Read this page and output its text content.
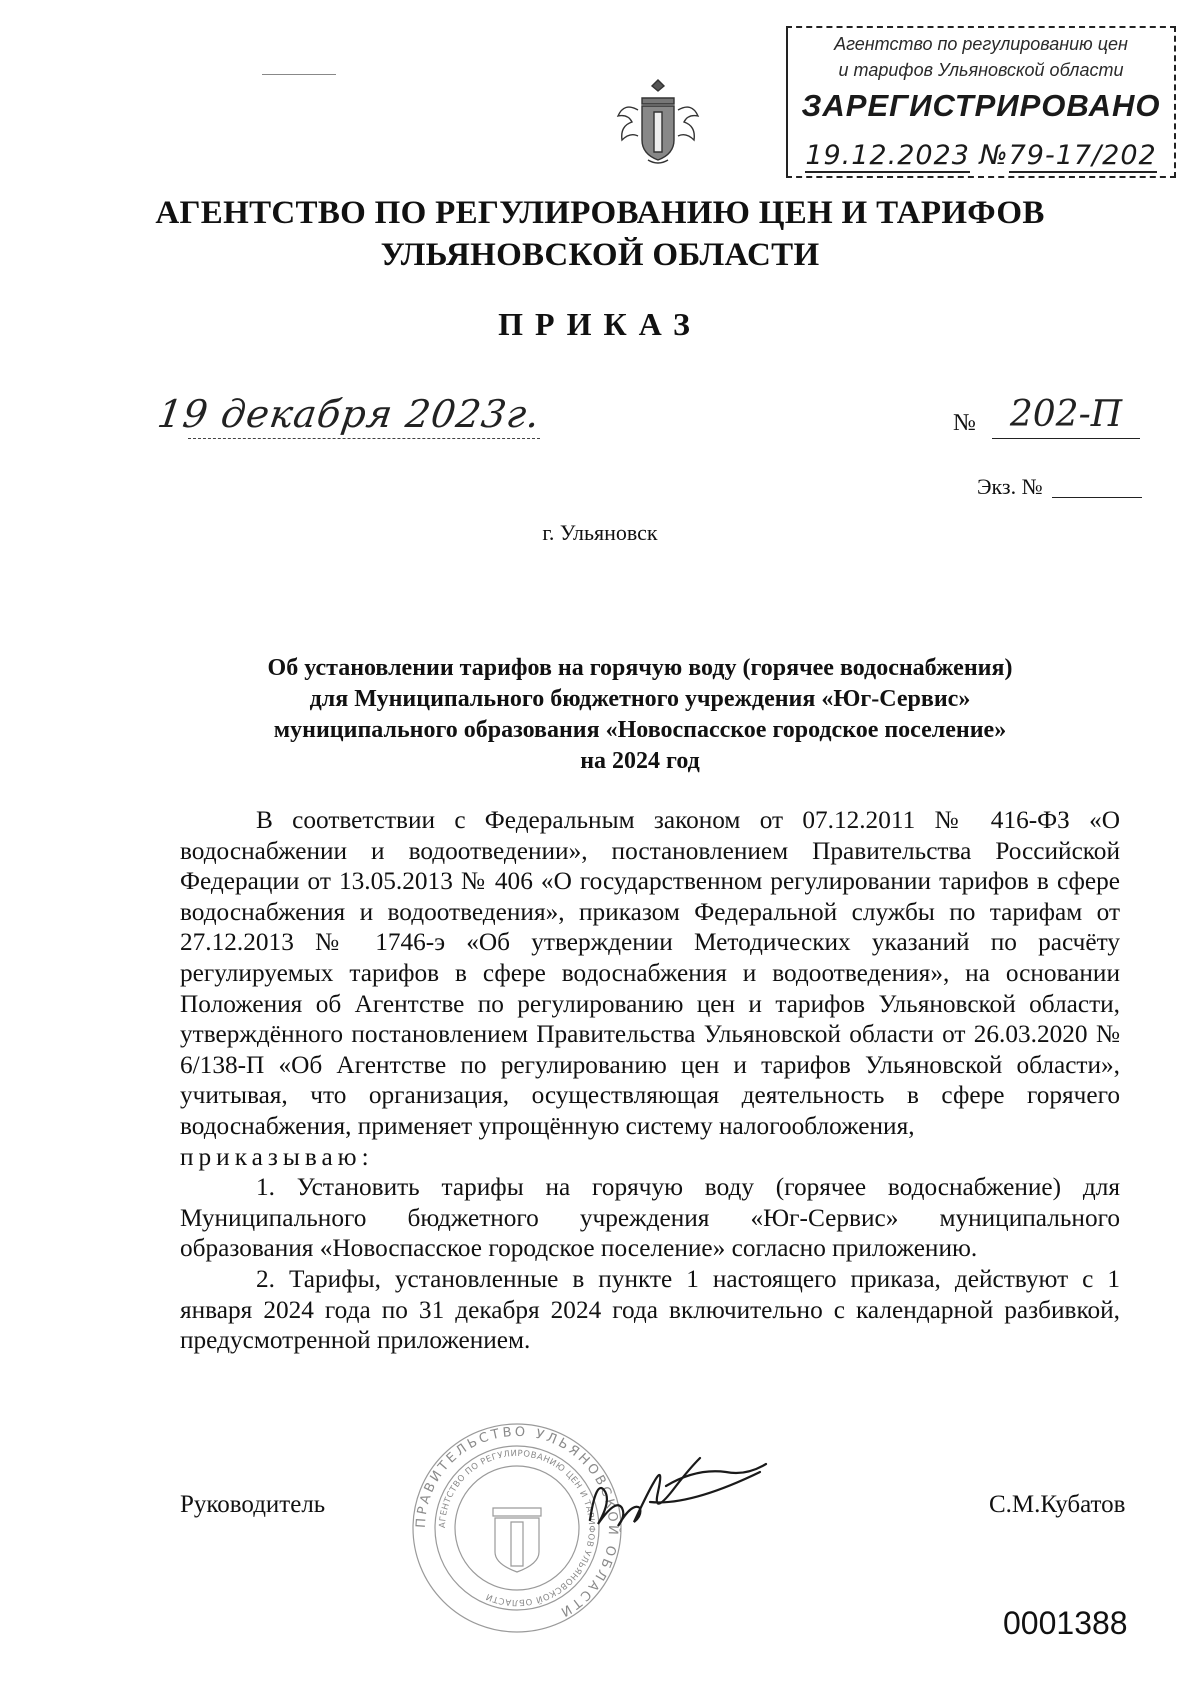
Агентство по регулированию цен
и тарифов Ульяновской области
ЗАРЕГИСТРИРОВАНО
19.12.2023 №79-17/202
АГЕНТСТВО ПО РЕГУЛИРОВАНИЮ ЦЕН И ТАРИФОВ
УЛЬЯНОВСКОЙ ОБЛАСТИ
ПРИКАЗ
19 декабря 2023г.	№ 202-П
Экз. №
г. Ульяновск
Об установлении тарифов на горячую воду (горячее водоснабжения)
для Муниципального бюджетного учреждения «Юг-Сервис»
муниципального образования «Новоспасское городское поселение»
на 2024 год

В соответствии с Федеральным законом от 07.12.2011 № 416-ФЗ «О водоснабжении и водоотведении», постановлением Правительства Российской Федерации от 13.05.2013 № 406 «О государственном регулировании тарифов в сфере водоснабжения и водоотведения», приказом Федеральной службы по тарифам от 27.12.2013 № 1746-э «Об утверждении Методических указаний по расчёту регулируемых тарифов в сфере водоснабжения и водоотведения», на основании Положения об Агентстве по регулированию цен и тарифов Ульяновской области, утверждённого постановлением Правительства Ульяновской области от 26.03.2020 № 6/138-П «Об Агентстве по регулированию цен и тарифов Ульяновской области», учитывая, что организация, осуществляющая деятельность в сфере горячего водоснабжения, применяет упрощённую систему налогообложения,

приказываю:

1. Установить тарифы на горячую воду (горячее водоснабжение) для Муниципального бюджетного учреждения «Юг-Сервис» муниципального образования «Новоспасское городское поселение» согласно приложению.

2. Тарифы, установленные в пункте 1 настоящего приказа, действуют с 1 января 2024 года по 31 декабря 2024 года включительно с календарной разбивкой, предусмотренной приложением.

ПРАВИТЕЛЬСТВО УЛЬЯНОВСКОЙ ОБЛАСТИ
АГЕНТСТВО ПО РЕГУЛИРОВАНИЮ ЦЕН И ТАРИФОВ УЛЬЯНОВСКОЙ ОБЛАСТИ
Руководитель	С.М.Кубатов
0001388
